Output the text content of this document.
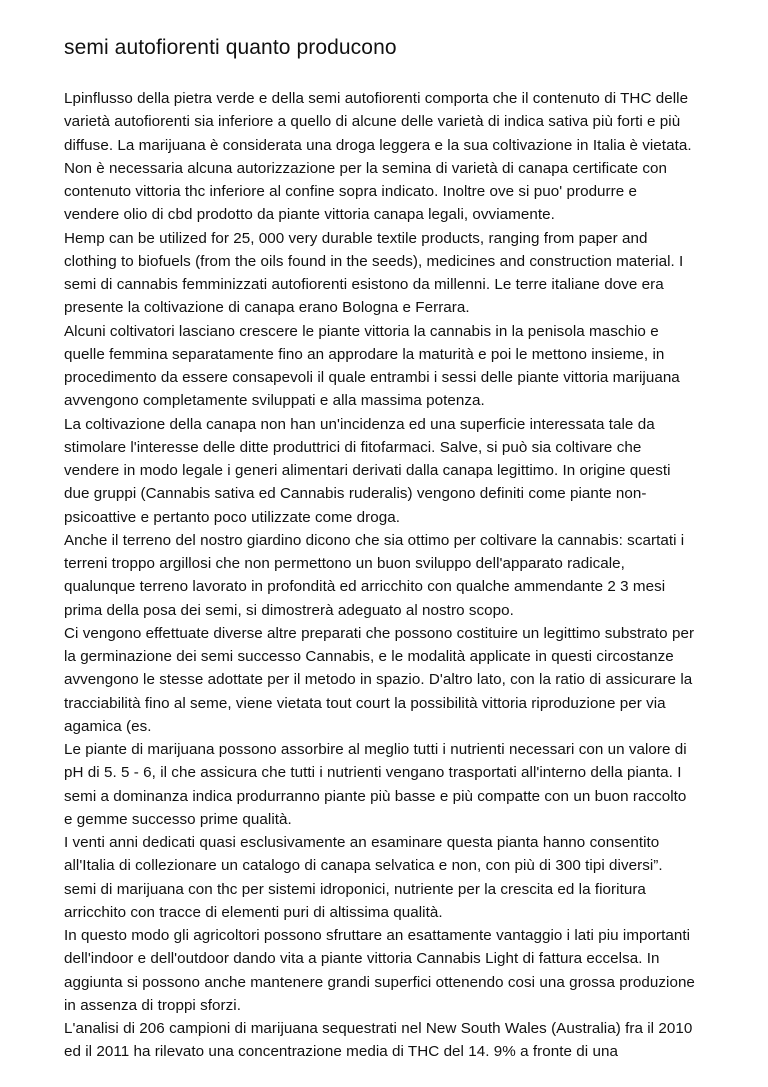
semi autofiorenti quanto producono
Lpinflusso della pietra verde e della semi autofiorenti comporta che il contenuto di THC delle
varietà autofiorenti sia inferiore a quello di alcune delle varietà di indica sativa più forti e più
diffuse. La marijuana è considerata una droga leggera e la sua coltivazione in Italia è vietata.
Non è necessaria alcuna autorizzazione per la semina di varietà di canapa certificate con
contenuto vittoria thc inferiore al confine sopra indicato. Inoltre ove si puo' produrre e
vendere olio di cbd prodotto da piante vittoria canapa legali, ovviamente.
Hemp can be utilized for 25, 000 very durable textile products, ranging from paper and
clothing to biofuels (from the oils found in the seeds), medicines and construction material. I
semi di cannabis femminizzati autofiorenti esistono da millenni. Le terre italiane dove era
presente la coltivazione di canapa erano Bologna e Ferrara.
Alcuni coltivatori lasciano crescere le piante vittoria la cannabis in la penisola maschio e
quelle femmina separatamente fino an approdare la maturità e poi le mettono insieme, in
procedimento da essere consapevoli il quale entrambi i sessi delle piante vittoria marijuana
avvengono completamente sviluppati e alla massima potenza.
La coltivazione della canapa non han un'incidenza ed una superficie interessata tale da
stimolare l'interesse delle ditte produttrici di fitofarmaci. Salve, si può sia coltivare che
vendere in modo legale i generi alimentari derivati dalla canapa legittimo. In origine questi
due gruppi (Cannabis sativa ed Cannabis ruderalis) vengono definiti come piante non-
psicoattive e pertanto poco utilizzate come droga.
Anche il terreno del nostro giardino dicono che sia ottimo per coltivare la cannabis: scartati i
terreni troppo argillosi che non permettono un buon sviluppo dell'apparato radicale,
qualunque terreno lavorato in profondità ed arricchito con qualche ammendante 2 3 mesi
prima della posa dei semi, si dimostrerà adeguato al nostro scopo.
Ci vengono effettuate diverse altre preparati che possono costituire un legittimo substrato per
la germinazione dei semi successo Cannabis, e le modalità applicate in questi circostanze
avvengono le stesse adottate per il metodo in spazio. D'altro lato, con la ratio di assicurare la
tracciabilità fino al seme, viene vietata tout court la possibilità vittoria riproduzione per via
agamica (es.
Le piante di marijuana possono assorbire al meglio tutti i nutrienti necessari con un valore di
pH di 5. 5 - 6, il che assicura che tutti i nutrienti vengano trasportati all'interno della pianta. I
semi a dominanza indica produrranno piante più basse e più compatte con un buon raccolto
e gemme successo prime qualità.
I venti anni dedicati quasi esclusivamente an esaminare questa pianta hanno consentito
all'Italia di collezionare un catalogo di canapa selvatica e non, con più di 300 tipi diversi”.
semi di marijuana con thc per sistemi idroponici, nutriente per la crescita ed la fioritura
arricchito con tracce di elementi puri di altissima qualità.
In questo modo gli agricoltori possono sfruttare an esattamente vantaggio i lati piu importanti
dell'indoor e dell'outdoor dando vita a piante vittoria Cannabis Light di fattura eccelsa. In
aggiunta si possono anche mantenere grandi superfici ottenendo cosi una grossa produzione
in assenza di troppi sforzi.
L'analisi di 206 campioni di marijuana sequestrati nel New South Wales (Australia) fra il 2010
ed il 2011 ha rilevato una concentrazione media di THC del 14. 9% a fronte di una
